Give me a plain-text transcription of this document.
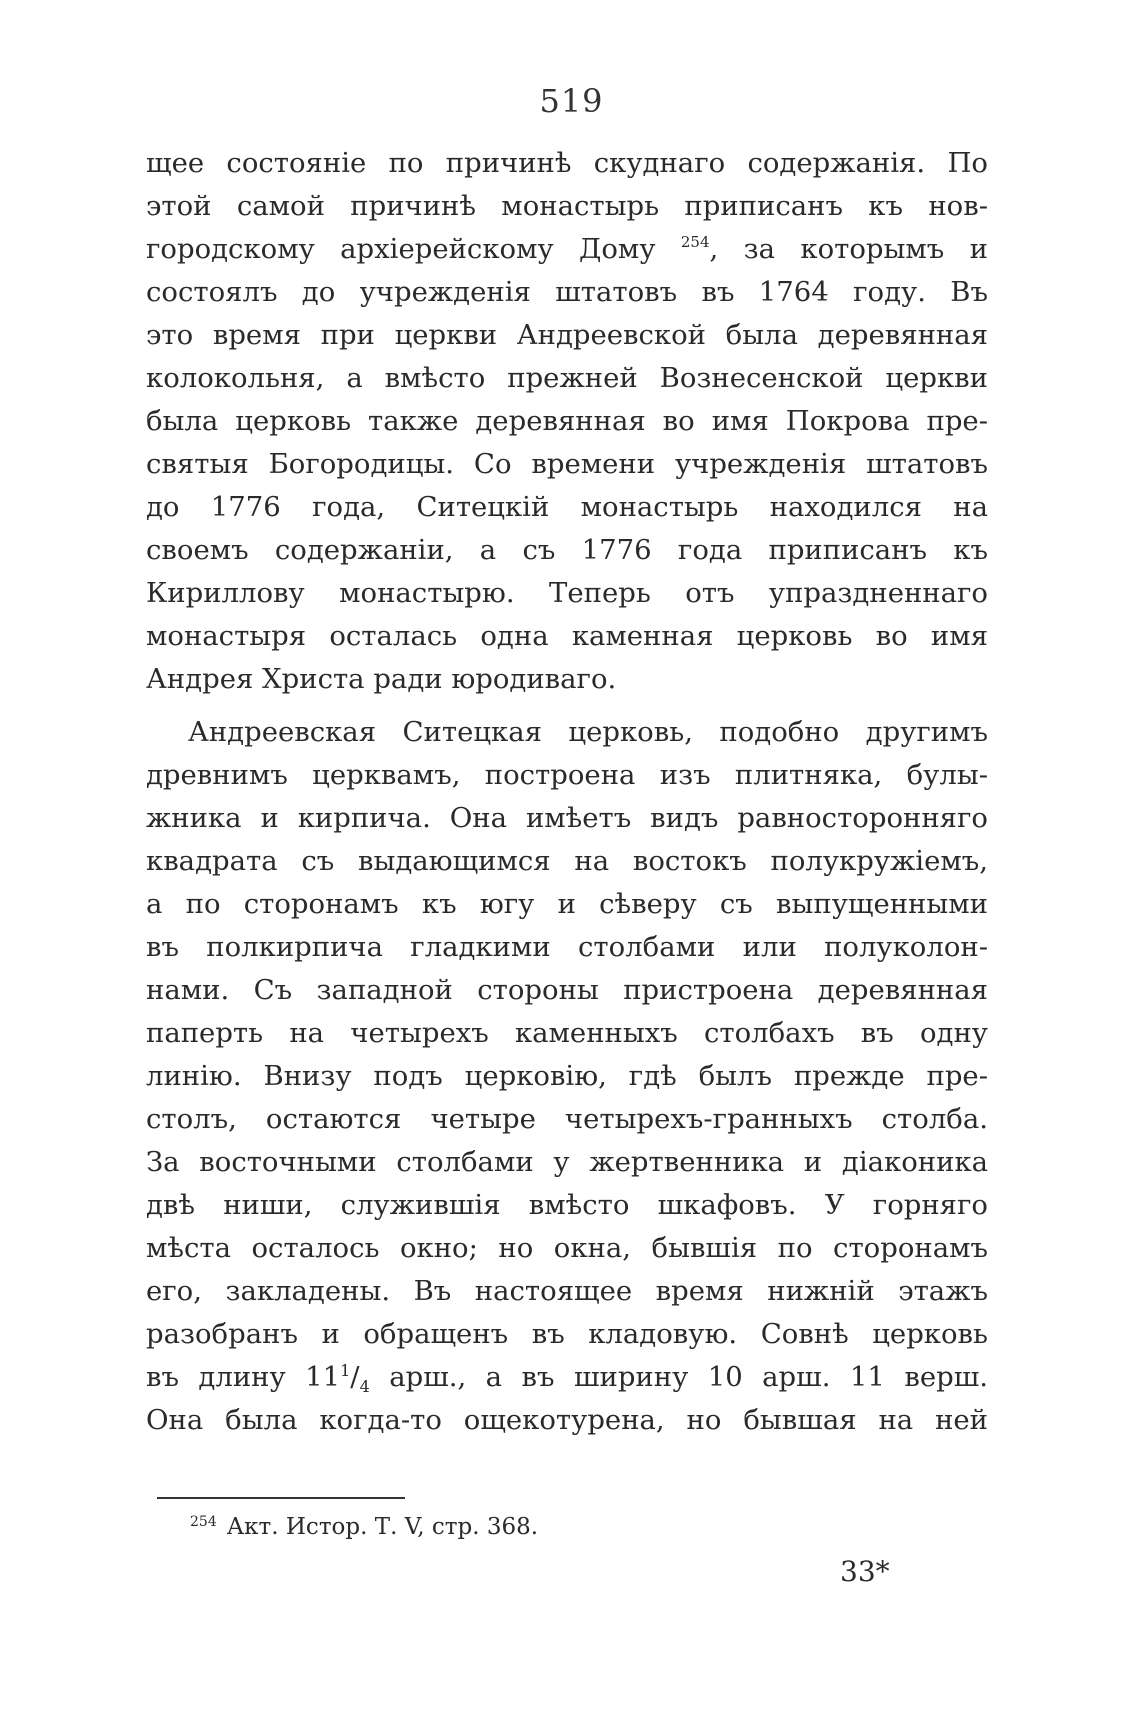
519
щее состояніе по причинѣ скуднаго содержанія. По
этой самой причинѣ монастырь приписанъ къ нов-
городскому архіерейскому Дому $^{254}$, за которымъ и
состоялъ до учрежденія штатовъ въ 1764 году. Въ
это время при церкви Андреевской была деревянная
колокольня, а вмѣсто прежней Вознесенской церкви
была церковь также деревянная во имя Покрова пре-
святыя Богородицы. Со времени учрежденія штатовъ
до 1776 года, Ситецкій монастырь находился на
своемъ содержаніи, а съ 1776 года приписанъ къ
Кириллову монастырю. Теперь отъ упраздненнаго
монастыря осталась одна каменная церковь во имя
Андрея Христа ради юродиваго.
Андреевская Ситецкая церковь, подобно другимъ
древнимъ церквамъ, построена изъ плитняка, булы-
жника и кирпича. Она имѣетъ видъ равносторонняго
квадрата съ выдающимся на востокъ полукружіемъ,
а по сторонамъ къ югу и сѣверу съ выпущенными
въ полкирпича гладкими столбами или полуколон-
нами. Съ западной стороны пристроена деревянная
паперть на четырехъ каменныхъ столбахъ въ одну
линію. Внизу подъ церковію, гдѣ былъ прежде пре-
столъ, остаются четыре четырехъ-гранныхъ столба.
За восточными столбами у жертвенника и діаконика
двѣ ниши, служившія вмѣсто шкафовъ. У горняго
мѣста осталось окно; но окна, бывшія по сторонамъ
его, закладены. Въ настоящее время нижній этажъ
разобранъ и обращенъ въ кладовую. Совнѣ церковь
въ длину $11^1/_4$ арш., а въ ширину 10 арш. 11 верш.
Она была когда-то ощекотурена, но бывшая на ней
$^{254}$ Акт. Истор. Т. V, стр. 368.
33*
